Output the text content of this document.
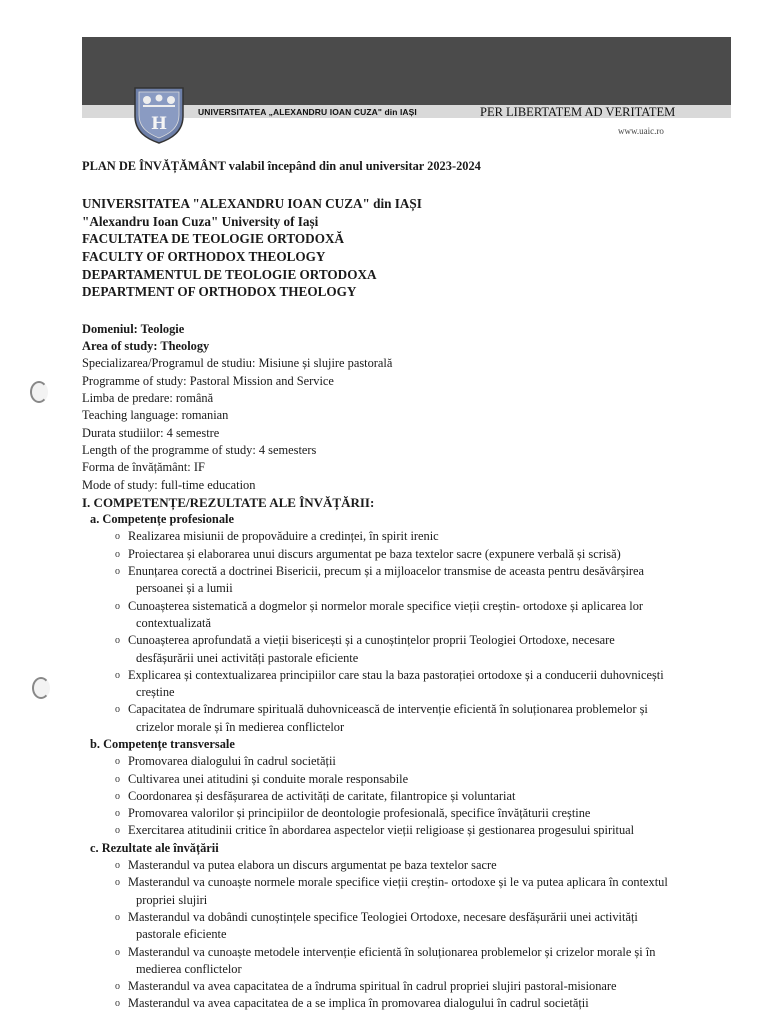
H
UNIVERSITATEA „ALEXANDRU IOAN CUZA" din IAȘI	PER LIBERTATEM AD VERITATEM
www.uaic.ro

PLAN DE ÎNVĂȚĂMÂNT valabil începând din anul universitar 2023-2024

UNIVERSITATEA "ALEXANDRU IOAN CUZA" din IAȘI

"Alexandru Ioan Cuza" University of Iași

FACULTATEA DE TEOLOGIE ORTODOXĂ

FACULTY OF ORTHODOX THEOLOGY

DEPARTAMENTUL DE TEOLOGIE ORTODOXA

DEPARTMENT OF ORTHODOX THEOLOGY

Domeniul: Teologie

Area of study: Theology

Specializarea/Programul de studiu: Misiune și slujire pastorală

Programme of study: Pastoral Mission and Service

Limba de predare: română

Teaching language: romanian

Durata studiilor: 4 semestre

Length of the programme of study: 4 semesters

Forma de învățământ: IF

Mode of study: full-time education

I. COMPETENȚE/REZULTATE ALE ÎNVĂȚĂRII:

a. Competențe profesionale

o Realizarea misiunii de propovăduire a credinței, în spirit irenic
o Proiectarea și elaborarea unui discurs argumentat pe baza textelor sacre (expunere verbală și scrisă)
o Enunțarea corectă a doctrinei Bisericii, precum și a mijloacelor transmise de aceasta pentru desăvârșirea
persoanei și a lumii
o Cunoașterea sistematică a dogmelor și normelor morale specifice vieții creștin- ortodoxe și aplicarea lor
contextualizată
o Cunoașterea aprofundată a vieții bisericești și a cunoștințelor proprii Teologiei Ortodoxe, necesare
desfășurării unei activități pastorale eficiente
o Explicarea și contextualizarea principiilor care stau la baza pastorației ortodoxe și a conducerii duhovnicești
creștine
o Capacitatea de îndrumare spirituală duhovnicească de intervenție eficientă în soluționarea problemelor și
crizelor morale și în medierea conflictelor

b. Competențe transversale

o Promovarea dialogului în cadrul societății
o Cultivarea unei atitudini și conduite morale responsabile
o Coordonarea și desfășurarea de activități de caritate, filantropice și voluntariat
o Promovarea valorilor și principiilor de deontologie profesională, specifice învățăturii creștine
o Exercitarea atitudinii critice în abordarea aspectelor vieții religioase și gestionarea progesului spiritual

c. Rezultate ale învățării

o Masterandul va putea elabora un discurs argumentat pe baza textelor sacre
o Masterandul va cunoaște normele morale specifice vieții creștin- ortodoxe și le va putea aplicara în contextul
propriei slujiri
o Masterandul va dobândi cunoștințele specifice Teologiei Ortodoxe, necesare desfășurării unei activități
pastorale eficiente
o Masterandul va cunoaște metodele intervenție eficientă în soluționarea problemelor și crizelor morale și în
medierea conflictelor
o Masterandul va avea capacitatea de a îndruma spiritual în cadrul propriei slujiri pastoral-misionare
o Masterandul va avea capacitatea de a se implica în promovarea dialogului în cadrul societății
